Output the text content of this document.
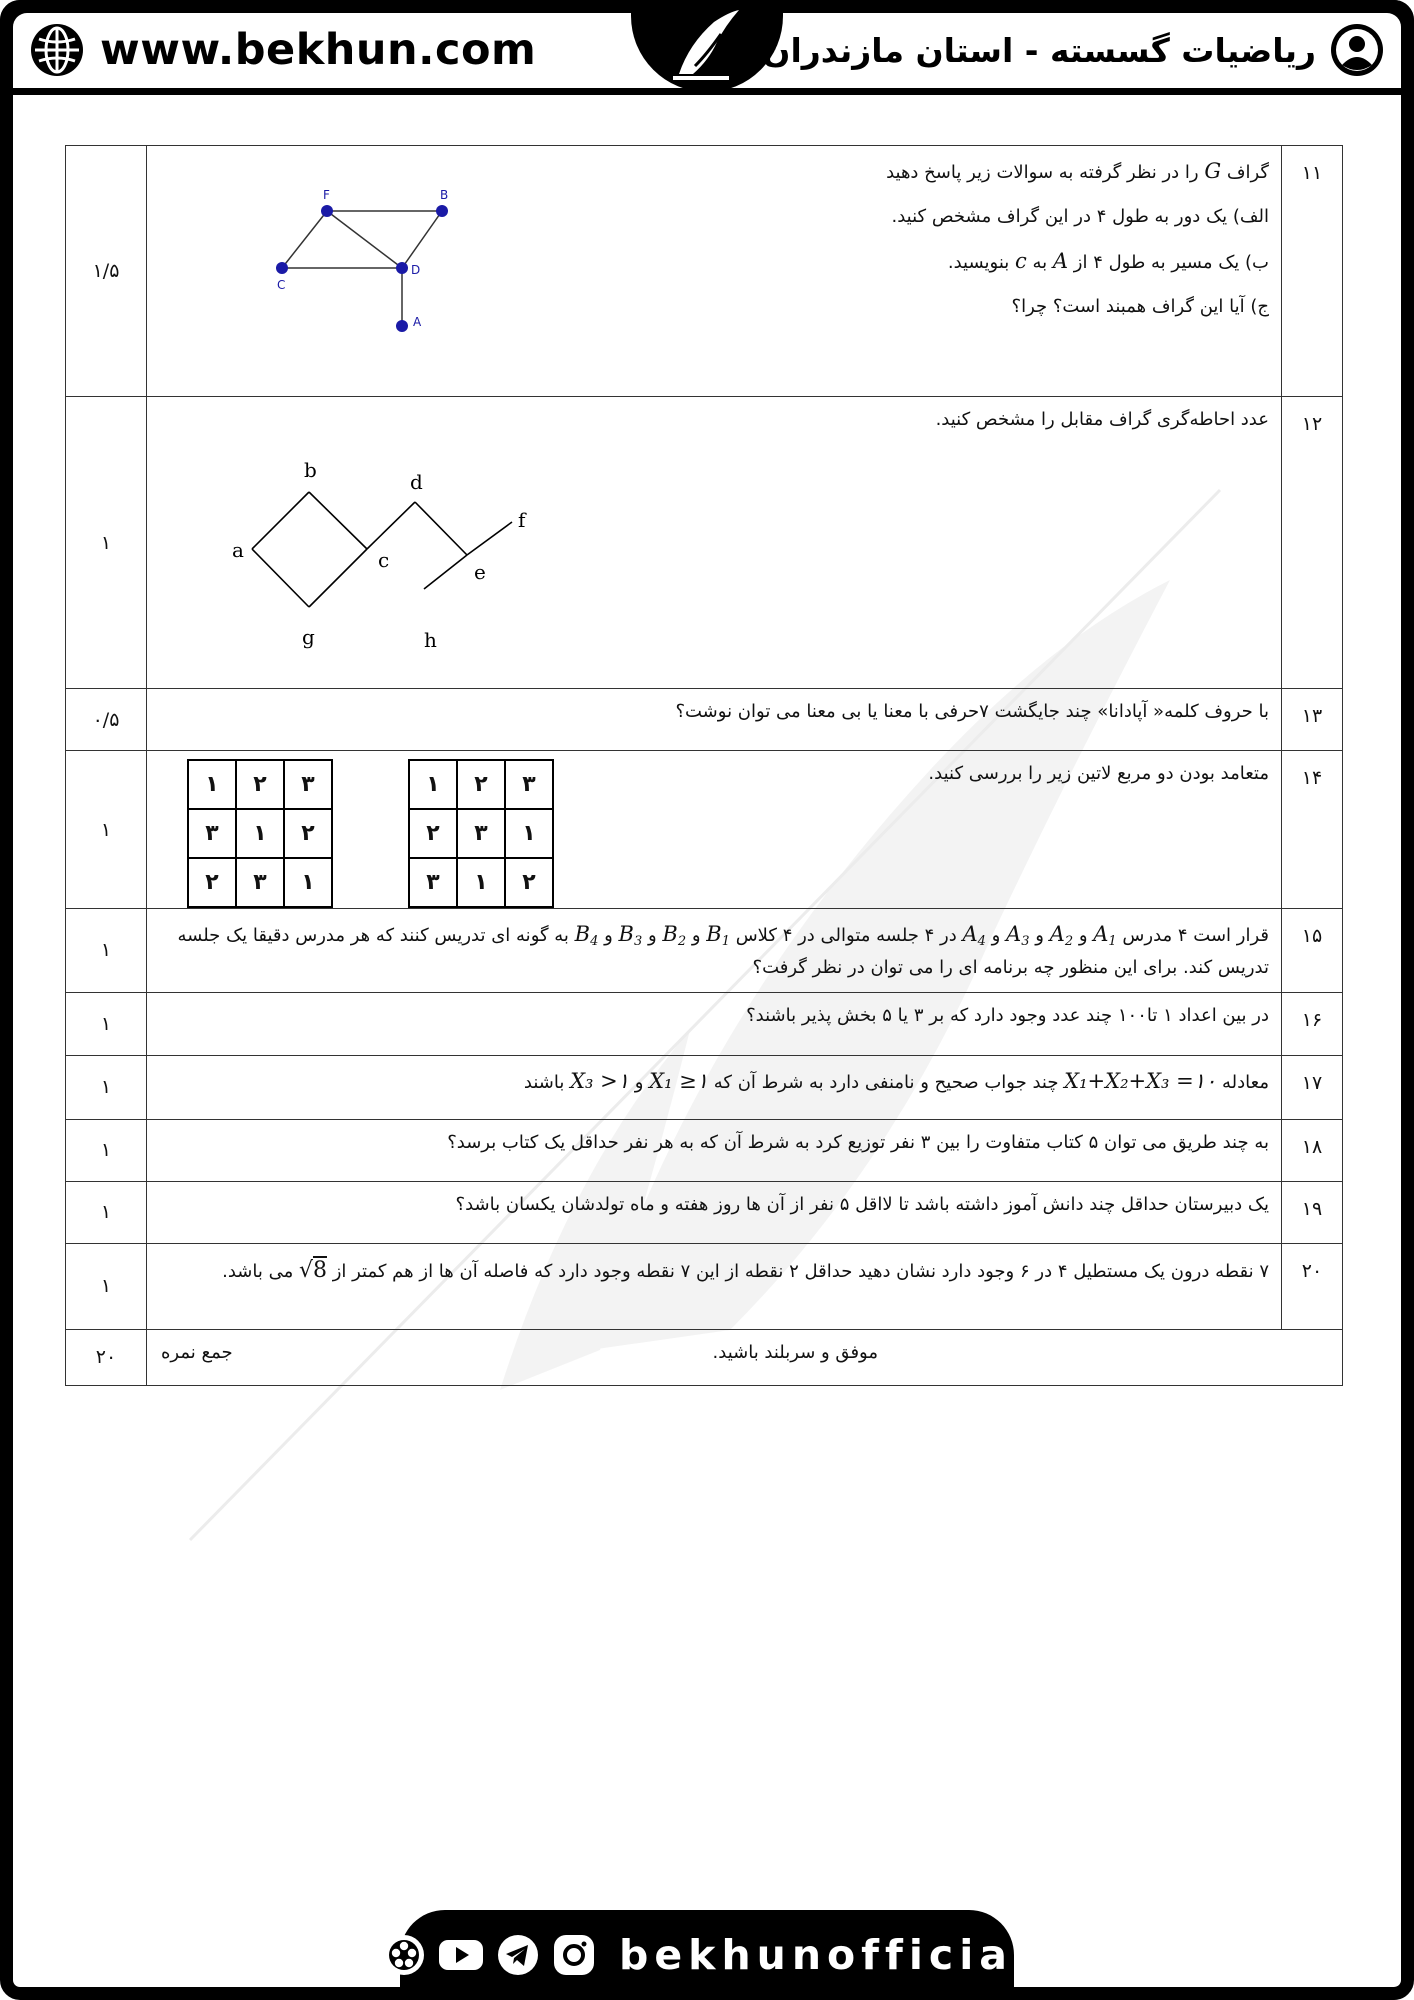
www.bekhun.com	ریاضیات گسسته - استان مازندران
۱۱	

گراف G را در نظر گرفته به سوالات زیر پاسخ دهید

الف) یک دور به طول ۴ در این گراف مشخص کنید.

ب) یک مسیر به طول ۴ از A به c بنویسید.

ج) آیا این گراف همبند است؟ چرا؟

F	B
C
D
A
	۱/۵
۱۲	

عدد احاطه‌گری گراف مقابل را مشخص کنید.

b	d
f
a	c	e
g	h
	۱
۱۳	

با حروف کلمه« آپادانا» چند جایگشت ۷حرفی با معنا یا بی معنا می توان نوشت؟

	۰/۵
۱۴	

متعامد بودن دو مربع لاتین زیر را بررسی کنید.

۱	۲	۳
۳	۱	۲
۲	۳	۱
۱	۲	۳
۲	۳	۱
۳	۱	۲
	۱
۱۵	

قرار است ۴ مدرس $A_1$ و $A_2$ و $A_3$ و $A_4$ در ۴ جلسه متوالی در ۴ کلاس $B_1$ و $B_2$ و $B_3$ و $B_4$ به گونه ای تدریس کنند که هر مدرس دقیقا یک جلسه تدریس کند. برای این منظور چه برنامه ای را می توان در نظر گرفت؟

	۱
۱۶	

در بین اعداد ۱ تا۱۰۰ چند عدد وجود دارد که بر ۳ یا ۵ بخش پذیر باشند؟

	۱
۱۷	

معادله X₁+X₂+X₃ =۱۰ چند جواب صحیح و نامنفی دارد به شرط آن که X₁ ≥۱ و X₃ >۱ باشند

	۱
۱۸	

به چند طریق می توان ۵ کتاب متفاوت را بین ۳ نفر توزیع کرد به شرط آن که به هر نفر حداقل یک کتاب برسد؟

	۱
۱۹	

یک دبیرستان حداقل چند دانش آموز داشته باشد تا لااقل ۵ نفر از آن ها روز هفته و ماه تولدشان یکسان باشد؟

	۱
۲۰	

۷ نقطه درون یک مستطیل ۴ در ۶ وجود دارد نشان دهید حداقل ۲ نقطه از این ۷ نقطه وجود دارد که فاصله آن ها از هم کمتر از √8 می باشد.

	۱

موفق و سربلند باشید.
جمع نمره
	۲۰
bekhunofficial
